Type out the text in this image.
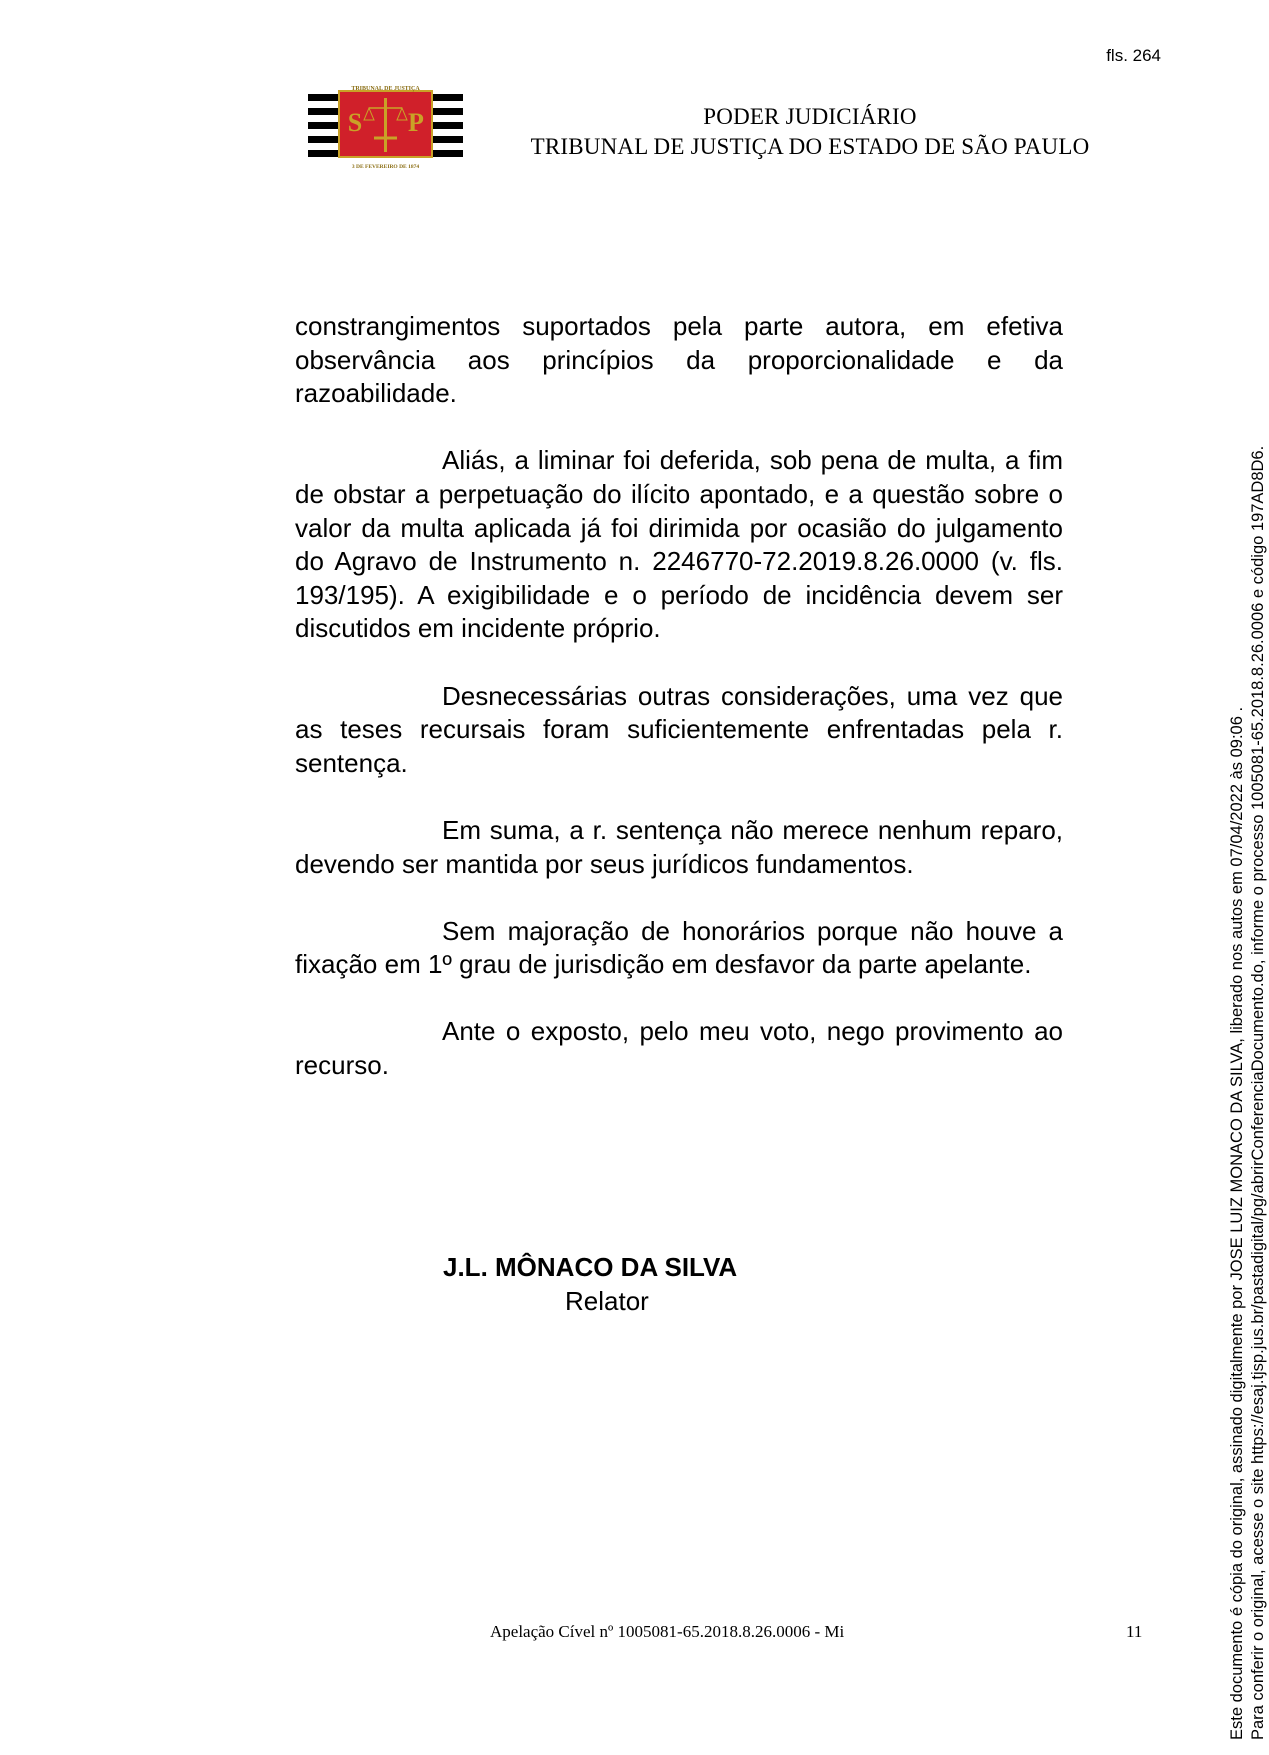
fls. 264
TRIBUNAL DE JUSTIÇA
S P
3 DE FEVEREIRO DE 1874
PODER JUDICIÁRIO
TRIBUNAL DE JUSTIÇA DO ESTADO DE SÃO PAULO

constrangimentos suportados pela parte autora, em efetiva observância aos princípios da proporcionalidade e da razoabilidade.

Aliás, a liminar foi deferida, sob pena de multa, a fim de obstar a perpetuação do ilícito apontado, e a questão sobre o valor da multa aplicada já foi dirimida por ocasião do julgamento do Agravo de Instrumento n. 2246770-72.2019.8.26.0000 (v. fls. 193/195). A exigibilidade e o período de incidência devem ser discutidos em incidente próprio.

Desnecessárias outras considerações, uma vez que as teses recursais foram suficientemente enfrentadas pela r. sentença.

Em suma, a r. sentença não merece nenhum reparo, devendo ser mantida por seus jurídicos fundamentos.

Sem majoração de honorários porque não houve a fixação em 1º grau de jurisdição em desfavor da parte apelante.

Ante o exposto, pelo meu voto, nego provimento ao recurso.

J.L. MÔNACO DA SILVA
Relator
Apelação Cível nº 1005081-65.2018.8.26.0006 - Mi	11	Este documento é cópia do original, assinado digitalmente por JOSE LUIZ MONACO DA SILVA, liberado nos autos em 07/04/2022 às 09:06 . Para conferir o original, acesse o site https://esaj.tjsp.jus.br/pastadigital/pg/abrirConferenciaDocumento.do, informe o processo 1005081-65.2018.8.26.0006 e código 197AD8D6.
